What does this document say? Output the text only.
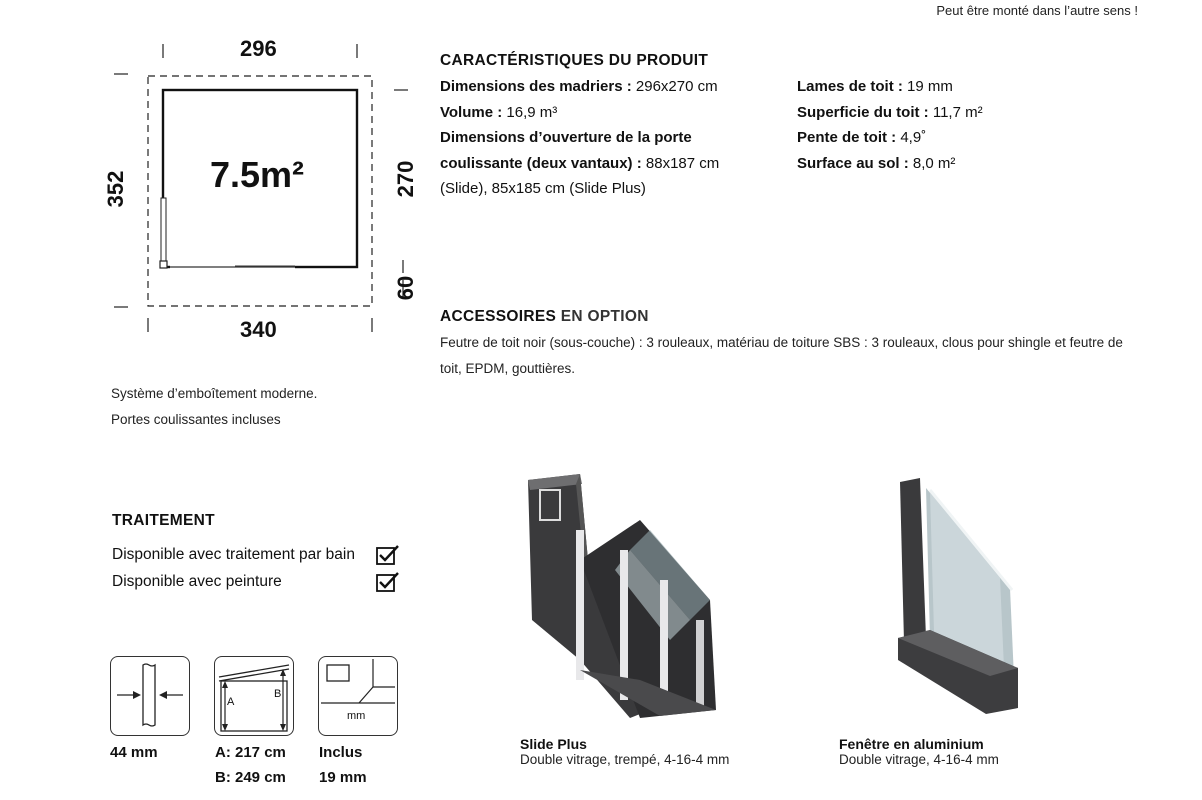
Peut être monté dans l’autre sens !
296
340
352	270
60
7.5m²
CARACTÉRISTIQUES DU PRODUIT
Dimensions des madriers : 296x270 cm
Volume : 16,9 m³
Dimensions d’ouverture de la porte coulissante (deux vantaux) : 88x187 cm (Slide), 85x185 cm (Slide Plus)
Lames de toit : 19 mm
Superficie du toit : 11,7 m²
Pente de toit : 4,9˚
Surface au sol : 8,0 m²
ACCESSOIRES EN OPTION
Feutre de toit noir (sous-couche) : 3 rouleaux, matériau de toiture SBS : 3 rouleaux, clous pour shingle et feutre de toit, EPDM, gouttières.
Système d’emboîtement moderne.
Portes coulissantes incluses
TRAITEMENT
Disponible avec traitement par bain
Disponible avec peinture
A
B
mm
44 mm	A: 217 cm
B: 249 cm
Inclus
19 mm
Slide Plus
Double vitrage, trempé, 4-16-4 mm
Fenêtre en aluminium
Double vitrage, 4-16-4 mm
